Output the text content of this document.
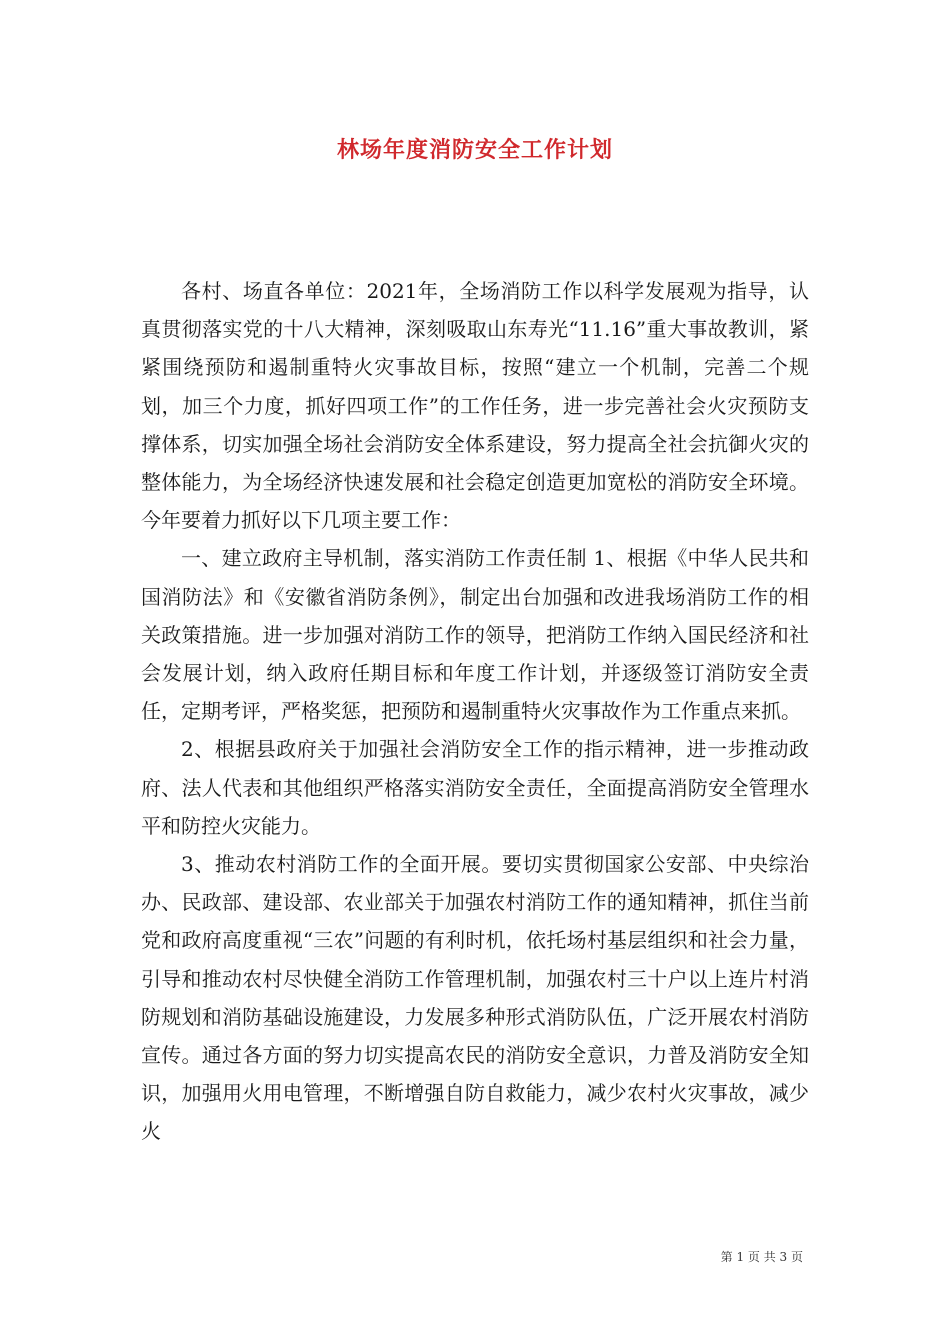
林场年度消防安全工作计划

各村、场直各单位：2021年，全场消防工作以科学发展观为指导，认真贯彻落实党的十八大精神，深刻吸取山东寿光“11.16”重大事故教训，紧紧围绕预防和遏制重特火灾事故目标，按照“建立一个机制，完善二个规划，加三个力度，抓好四项工作”的工作任务，进一步完善社会火灾预防支撑体系，切实加强全场社会消防安全体系建设，努力提高全社会抗御火灾的整体能力，为全场经济快速发展和社会稳定创造更加宽松的消防安全环境。今年要着力抓好以下几项主要工作：

一、建立政府主导机制，落实消防工作责任制 1、根据《中华人民共和国消防法》和《安徽省消防条例》，制定出台加强和改进我场消防工作的相关政策措施。进一步加强对消防工作的领导，把消防工作纳入国民经济和社会发展计划，纳入政府任期目标和年度工作计划，并逐级签订消防安全责任，定期考评，严格奖惩，把预防和遏制重特火灾事故作为工作重点来抓。

2、根据县政府关于加强社会消防安全工作的指示精神，进一步推动政府、法人代表和其他组织严格落实消防安全责任，全面提高消防安全管理水平和防控火灾能力。

3、推动农村消防工作的全面开展。要切实贯彻国家公安部、中央综治办、民政部、建设部、农业部关于加强农村消防工作的通知精神，抓住当前党和政府高度重视“三农”问题的有利时机，依托场村基层组织和社会力量，引导和推动农村尽快健全消防工作管理机制，加强农村三十户以上连片村消防规划和消防基础设施建设，力发展多种形式消防队伍，广泛开展农村消防宣传。通过各方面的努力切实提高农民的消防安全意识，力普及消防安全知识，加强用火用电管理，不断增强自防自救能力，减少农村火灾事故，减少火

第 1 页 共 3 页
